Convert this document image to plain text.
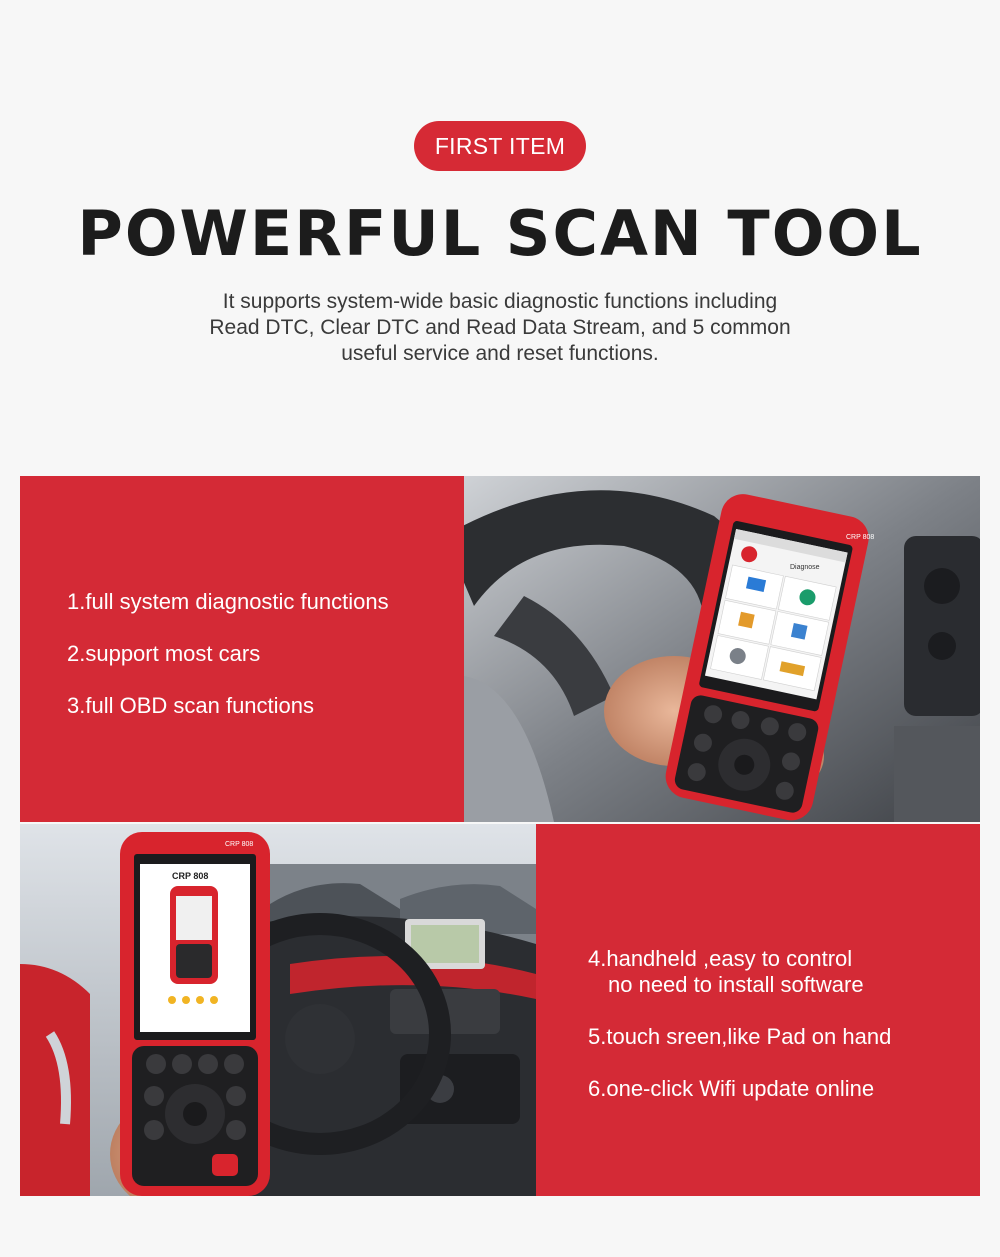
FIRST ITEM
POWERFUL SCAN TOOL
It supports system-wide basic diagnostic functions including
Read DTC, Clear DTC and Read Data Stream, and 5 common
useful service and reset functions.
1.full system diagnostic functions
2.support most cars
3.full OBD scan functions
CRP 808
Diagnose
CRP 808
CRP 808
4.handheld ,easy to control
no need to install software
5.touch sreen,like Pad on hand
6.one-click Wifi update online
